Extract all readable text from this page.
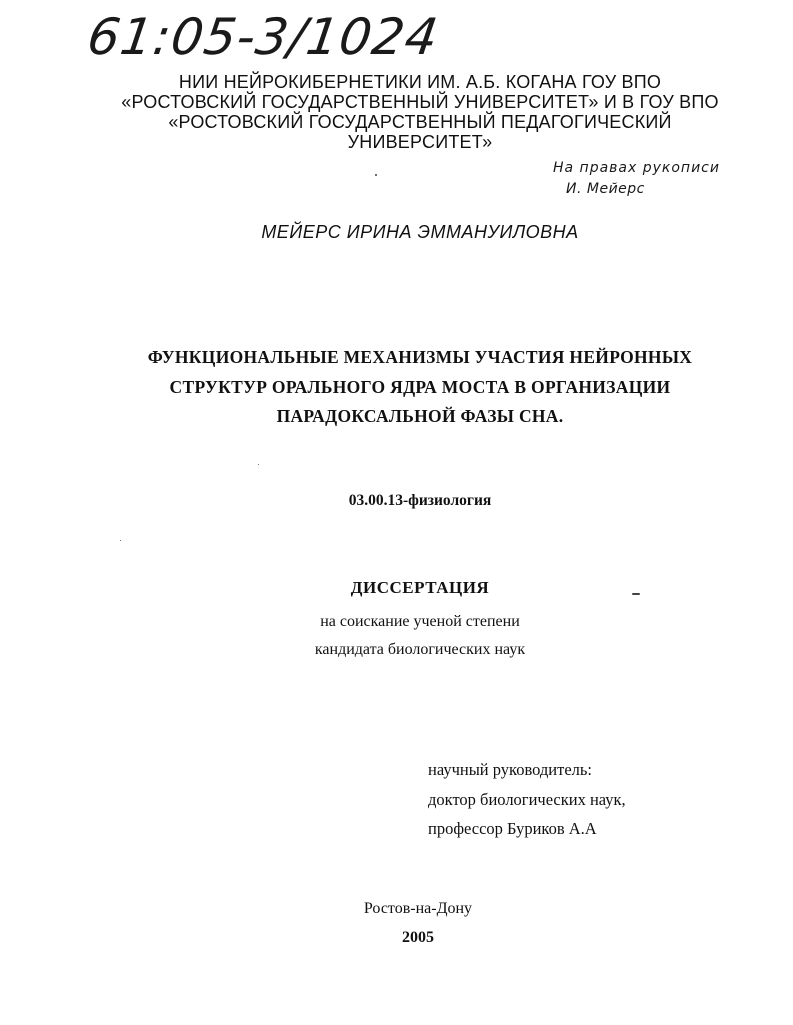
61:05-3/1024
НИИ НЕЙРОКИБЕРНЕТИКИ ИМ. А.Б. КОГАНА ГОУ ВПО
«РОСТОВСКИЙ ГОСУДАРСТВЕННЫЙ УНИВЕРСИТЕТ» И В ГОУ ВПО
«РОСТОВСКИЙ ГОСУДАРСТВЕННЫЙ ПЕДАГОГИЧЕСКИЙ
УНИВЕРСИТЕТ»
На правах рукописи
И. Мейерс
МЕЙЕРС ИРИНА ЭММАНУИЛОВНА
ФУНКЦИОНАЛЬНЫЕ МЕХАНИЗМЫ УЧАСТИЯ НЕЙРОННЫХ
СТРУКТУР ОРАЛЬНОГО ЯДРА МОСТА В ОРГАНИЗАЦИИ
ПАРАДОКСАЛЬНОЙ ФАЗЫ СНА.
03.00.13-физиология
ДИССЕРТАЦИЯ
на соискание ученой степени
кандидата биологических наук
научный руководитель:
доктор биологических наук,
профессор Буриков А.А
Ростов-на-Дону
2005
